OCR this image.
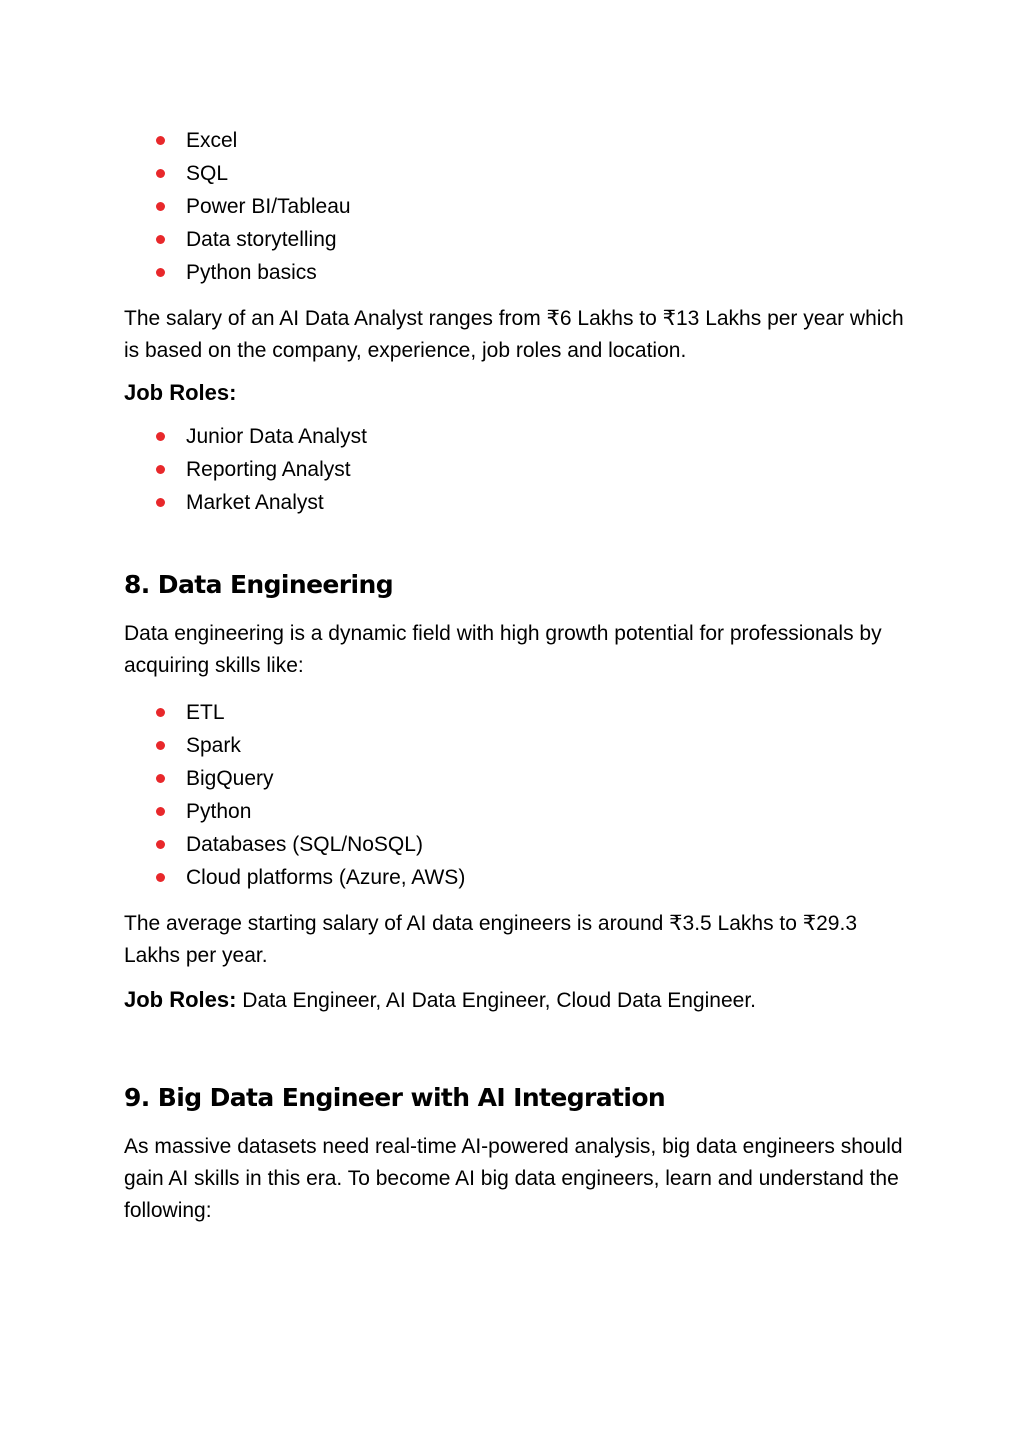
Excel
SQL
Power BI/Tableau
Data storytelling
Python basics

The salary of an AI Data Analyst ranges from ₹6 Lakhs to ₹13 Lakhs per year which is based on the company, experience, job roles and location.

Job Roles:
Junior Data Analyst
Reporting Analyst
Market Analyst
8. Data Engineering

Data engineering is a dynamic field with high growth potential for professionals by acquiring skills like:

ETL
Spark
BigQuery
Python
Databases (SQL/NoSQL)
Cloud platforms (Azure, AWS)

The average starting salary of AI data engineers is around ₹3.5 Lakhs to ₹29.3 Lakhs per year.

Job Roles: Data Engineer, AI Data Engineer, Cloud Data Engineer.

9. Big Data Engineer with AI Integration

As massive datasets need real-time AI-powered analysis, big data engineers should gain AI skills in this era. To become AI big data engineers, learn and understand the following:
